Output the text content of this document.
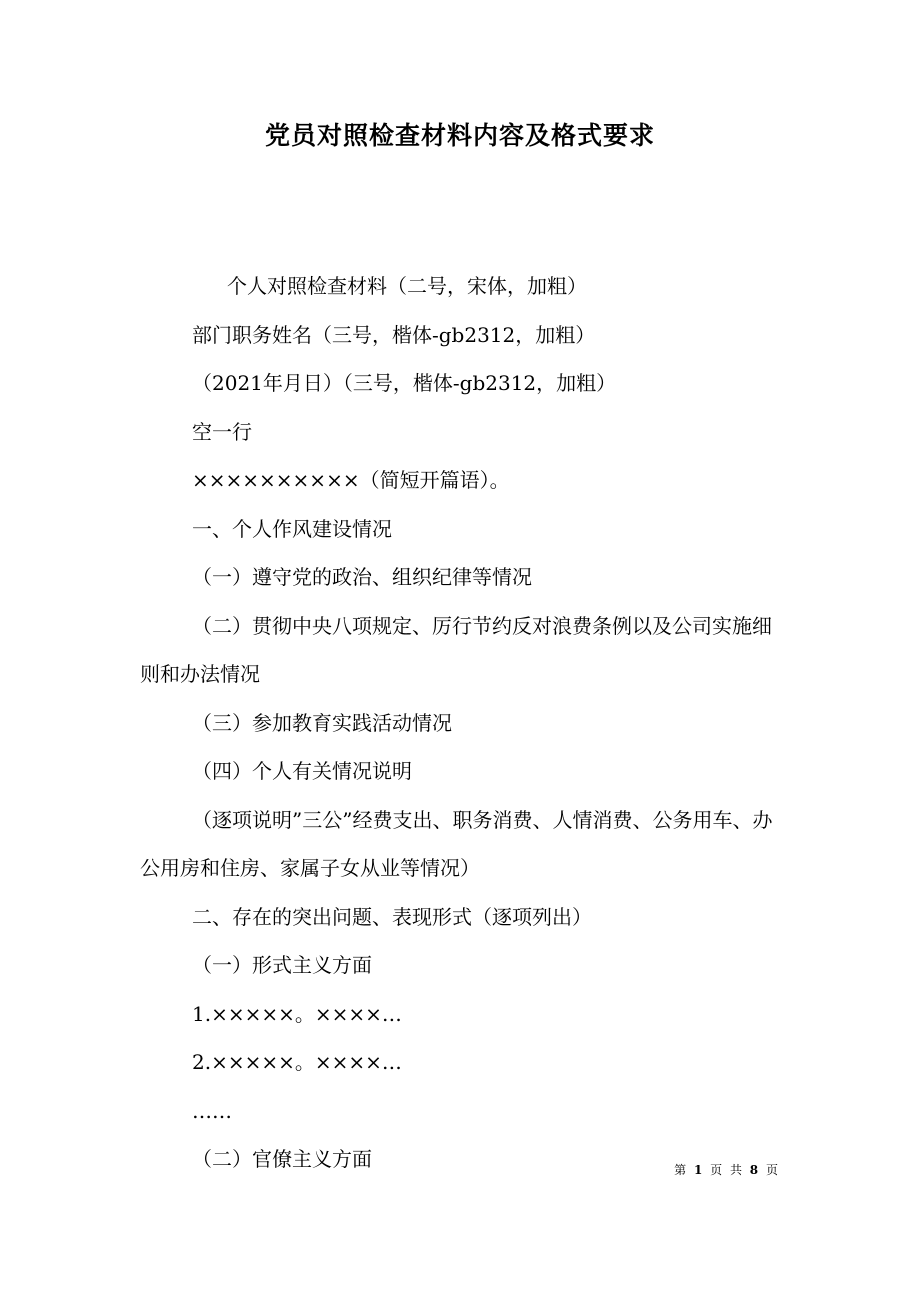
党员对照检查材料内容及格式要求

个人对照检查材料（二号，宋体，加粗）

部门职务姓名（三号，楷体-gb2312，加粗）

（2021年月日）（三号，楷体-gb2312，加粗）

空一行

××××××××××（简短开篇语）。

一、个人作风建设情况

（一）遵守党的政治、组织纪律等情况

（二）贯彻中央八项规定、厉行节约反对浪费条例以及公司实施细则和办法情况

（三）参加教育实践活动情况

（四）个人有关情况说明

（逐项说明”三公”经费支出、职务消费、人情消费、公务用车、办公用房和住房、家属子女从业等情况）

二、存在的突出问题、表现形式（逐项列出）

（一）形式主义方面

1.×××××。××××…

2.×××××。××××…

……

（二）官僚主义方面	第 1 页 共 8 页
